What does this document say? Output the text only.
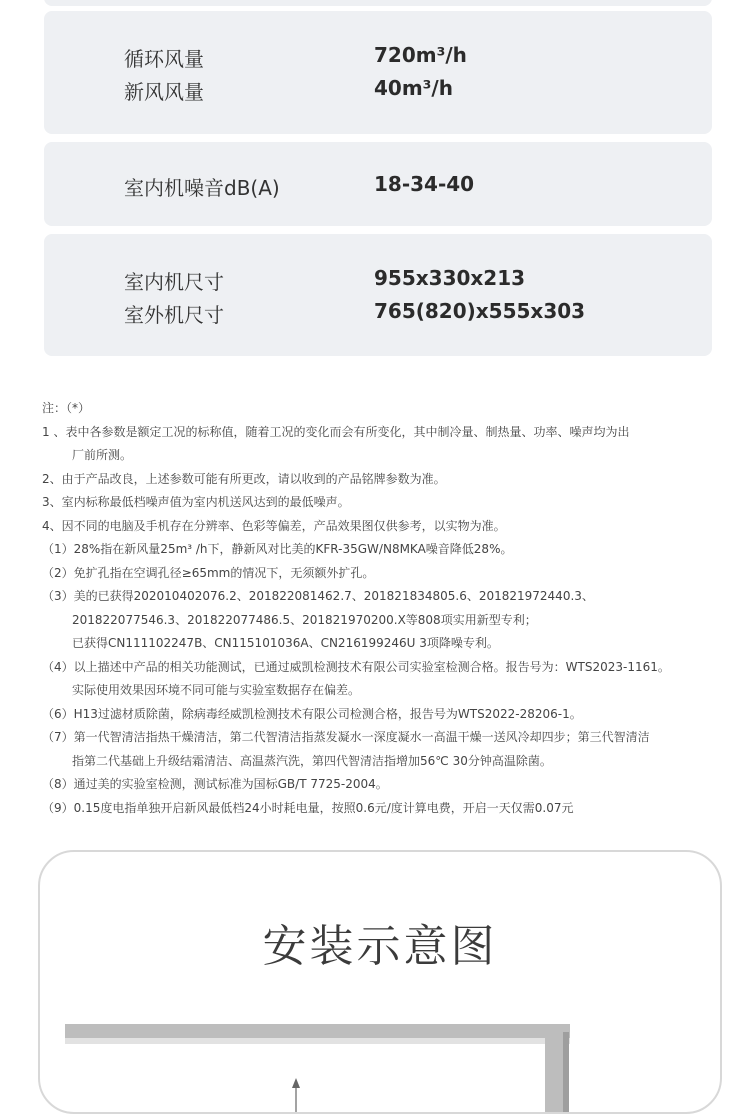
循环风量	720m³/h
新风风量	40m³/h
室内机噪音dB(A)	18-34-40
室内机尺寸	955x330x213
室外机尺寸	765(820)x555x303
注：（*）
1 、表中各参数是额定工况的标称值，随着工况的变化而会有所变化，其中制冷量、制热量、功率、噪声均为出
厂前所测。
2、由于产品改良，上述参数可能有所更改，请以收到的产品铭牌参数为准。
3、室内标称最低档噪声值为室内机送风达到的最低噪声。
4、因不同的电脑及手机存在分辨率、色彩等偏差，产品效果图仅供参考，以实物为准。
（1）28%指在新风量25m³ /h下，静新风对比美的KFR-35GW/N8MKA噪音降低28%。
（2）免扩孔指在空调孔径≥65mm的情况下，无须额外扩孔。
（3）美的已获得202010402076.2、201822081462.7、201821834805.6、201821972440.3、
201822077546.3、201822077486.5、201821970200.X等808项实用新型专利；
已获得CN111102247B、CN115101036A、CN216199246U 3项降噪专利。
（4）以上描述中产品的相关功能测试，已通过威凯检测技术有限公司实验室检测合格。报告号为：WTS2023-1161。
实际使用效果因环境不同可能与实验室数据存在偏差。
（6）H13过滤材质除菌，除病毒经威凯检测技术有限公司检测合格，报告号为WTS2022-28206-1。
（7）第一代智清洁指热干燥清洁，第二代智清洁指蒸发凝水一深度凝水一高温干燥一送风冷却四步；第三代智清洁
指第二代基础上升级结霜清洁、高温蒸汽洗，第四代智清洁指增加56℃ 30分钟高温除菌。
（8）通过美的实验室检测，测试标准为国标GB/T 7725-2004。
（9）0.15度电指单独开启新风最低档24小时耗电量，按照0.6元/度计算电费，开启一天仅需0.07元
安装示意图
